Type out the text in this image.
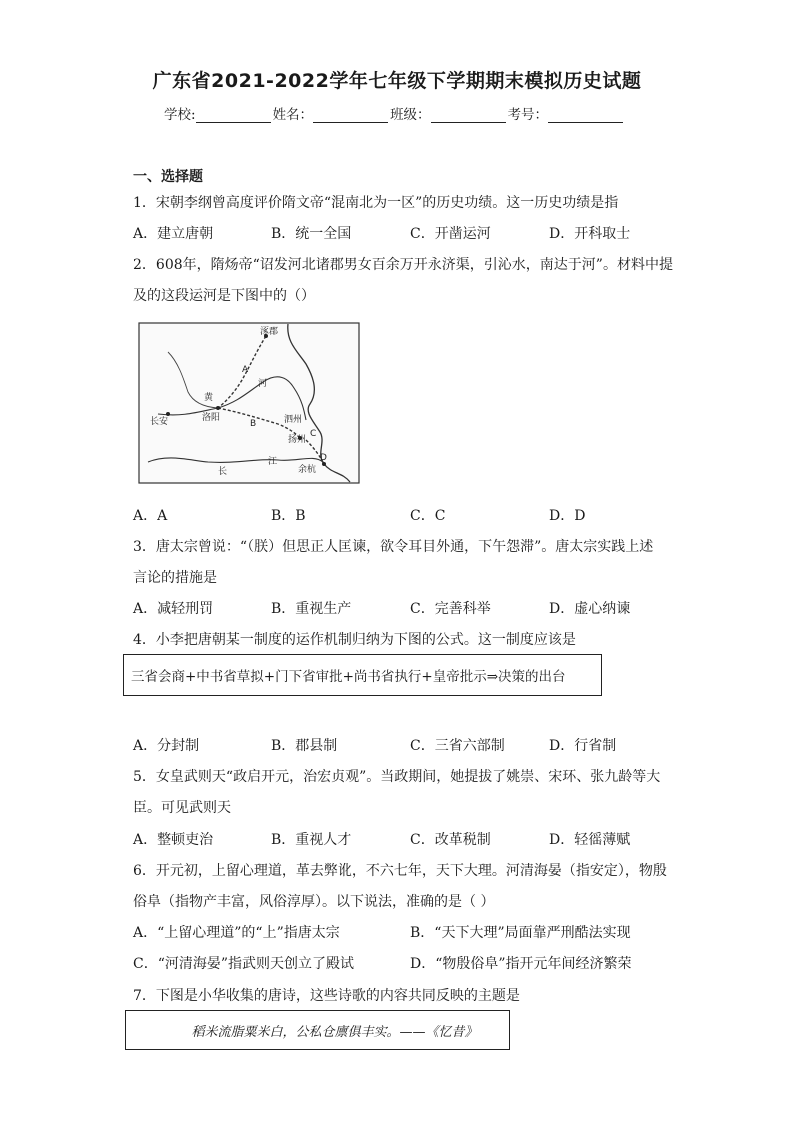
广东省2021-2022学年七年级下学期期末模拟历史试题
学校:	姓名：	班级：	考号：
一、选择题
1．宋朝李纲曾高度评价隋文帝“混南北为一区”的历史功绩。这一历史功绩是指
A．建立唐朝	B．统一全国	C．开凿运河	D．开科取士
2．608年，隋炀帝“诏发河北诸郡男女百余万开永济渠，引沁水，南达于河”。材料中提
及的这段运河是下图中的（）
涿郡
河
黄
洛阳
长安	泗州
扬州
长
江
余杭
A
B
C
D
A．A	B．B	C．C	D．D
3．唐太宗曾说：“（朕）但思正人匡谏，欲令耳目外通，下午怨滞”。唐太宗实践上述
言论的措施是
A．减轻刑罚	B．重视生产	C．完善科举	D．虚心纳谏
4．小李把唐朝某一制度的运作机制归纳为下图的公式。这一制度应该是
三省会商+中书省草拟+门下省审批+尚书省执行+皇帝批示⇒决策的出台
A．分封制	B．郡县制	C．三省六部制	D．行省制
5．女皇武则天“政启开元，治宏贞观”。当政期间，她提拔了姚崇、宋环、张九龄等大
臣。可见武则天
A．整顿吏治	B．重视人才	C．改革税制	D．轻徭薄赋
6．开元初，上留心理道，革去弊讹，不六七年，天下大理。河清海晏（指安定），物殷
俗阜（指物产丰富，风俗淳厚）。以下说法，准确的是（ ）
A．“上留心理道”的“上”指唐太宗	B．“天下大理”局面靠严刑酷法实现
C．“河清海晏”指武则天创立了殿试	D．“物殷俗阜”指开元年间经济繁荣
7．下图是小华收集的唐诗，这些诗歌的内容共同反映的主题是
稻米流脂粟米白，公私仓廪俱丰实。——《忆昔》
